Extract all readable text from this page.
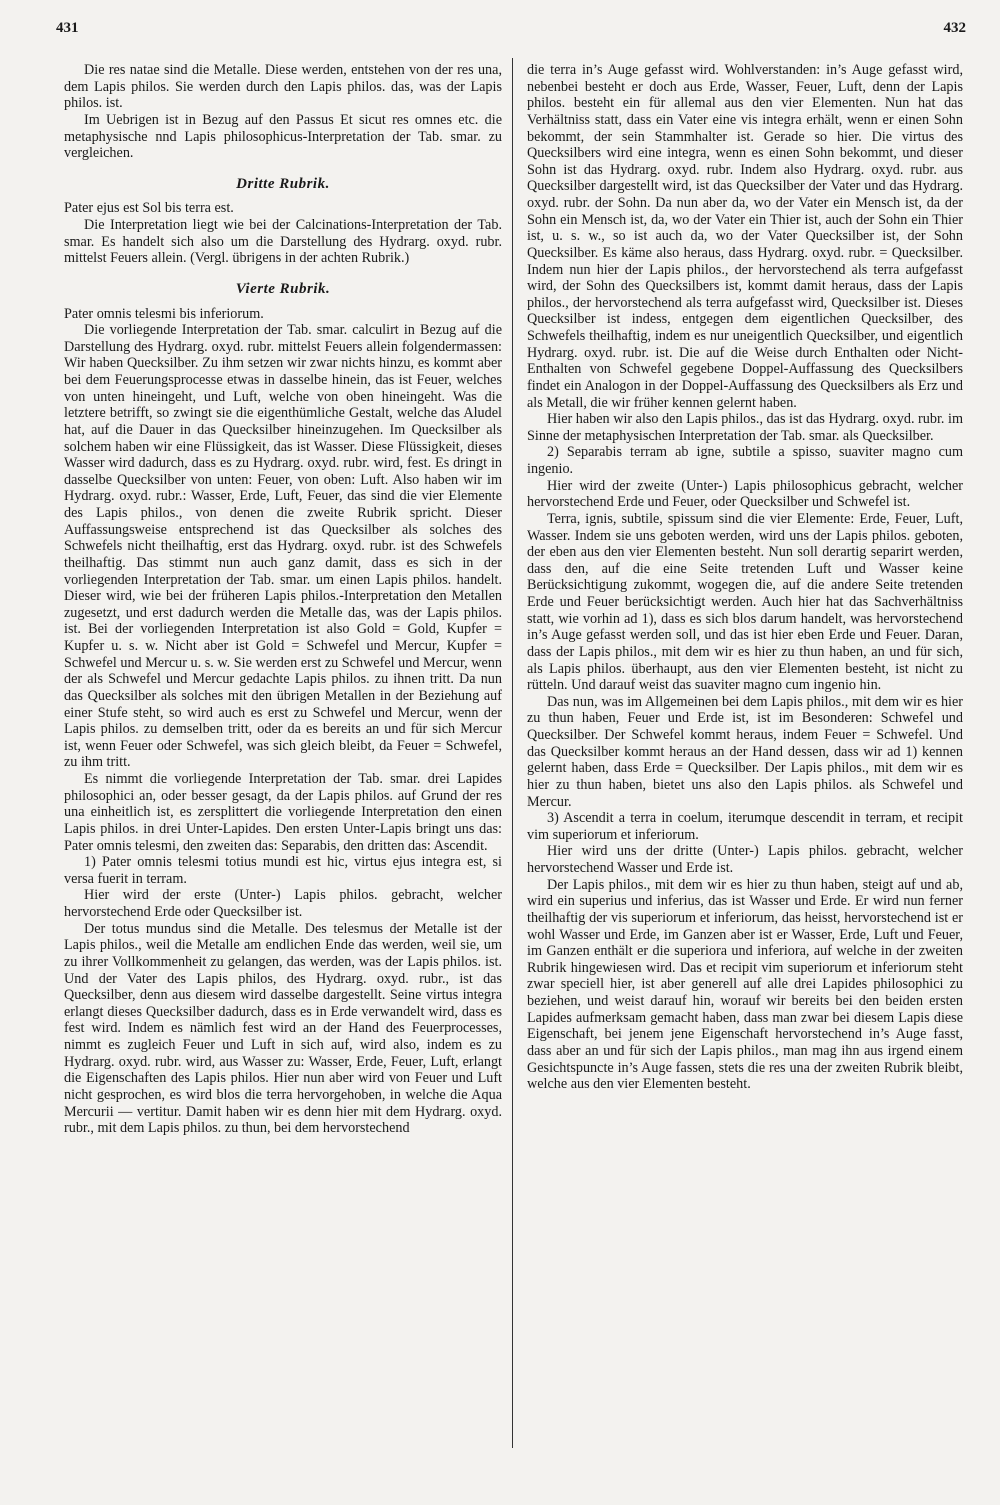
431	432

Die res natae sind die Metalle. Diese werden, entstehen von der res una, dem Lapis philos. Sie werden durch den Lapis philos. das, was der Lapis philos. ist.

Im Uebrigen ist in Bezug auf den Passus Et sicut res omnes etc. die metaphysische nnd Lapis philosophicus-Interpretation der Tab. smar. zu vergleichen.

Dritte Rubrik.

Pater ejus est Sol bis terra est.

Die Interpretation liegt wie bei der Calcinations-Interpretation der Tab. smar. Es handelt sich also um die Darstellung des Hydrarg. oxyd. rubr. mittelst Feuers allein. (Vergl. übrigens in der achten Rubrik.)

Vierte Rubrik.

Pater omnis telesmi bis inferiorum.

Die vorliegende Interpretation der Tab. smar. calculirt in Bezug auf die Darstellung des Hydrarg. oxyd. rubr. mittelst Feuers allein folgendermassen: Wir haben Quecksilber. Zu ihm setzen wir zwar nichts hinzu, es kommt aber bei dem Feuerungsprocesse etwas in dasselbe hinein, das ist Feuer, welches von unten hineingeht, und Luft, welche von oben hineingeht. Was die letztere betrifft, so zwingt sie die eigenthümliche Gestalt, welche das Aludel hat, auf die Dauer in das Quecksilber hineinzugehen. Im Quecksilber als solchem haben wir eine Flüssigkeit, das ist Wasser. Diese Flüssigkeit, dieses Wasser wird dadurch, dass es zu Hydrarg. oxyd. rubr. wird, fest. Es dringt in dasselbe Quecksilber von unten: Feuer, von oben: Luft. Also haben wir im Hydrarg. oxyd. rubr.: Wasser, Erde, Luft, Feuer, das sind die vier Elemente des Lapis philos., von denen die zweite Rubrik spricht. Dieser Auffassungsweise entsprechend ist das Quecksilber als solches des Schwefels nicht theilhaftig, erst das Hydrarg. oxyd. rubr. ist des Schwefels theilhaftig. Das stimmt nun auch ganz damit, dass es sich in der vorliegenden Interpretation der Tab. smar. um einen Lapis philos. handelt. Dieser wird, wie bei der früheren Lapis philos.-Interpretation den Metallen zugesetzt, und erst dadurch werden die Metalle das, was der Lapis philos. ist. Bei der vorliegenden Interpretation ist also Gold = Gold, Kupfer = Kupfer u. s. w. Nicht aber ist Gold = Schwefel und Mercur, Kupfer = Schwefel und Mercur u. s. w. Sie werden erst zu Schwefel und Mercur, wenn der als Schwefel und Mercur gedachte Lapis philos. zu ihnen tritt. Da nun das Quecksilber als solches mit den übrigen Metallen in der Beziehung auf einer Stufe steht, so wird auch es erst zu Schwefel und Mercur, wenn der Lapis philos. zu demselben tritt, oder da es bereits an und für sich Mercur ist, wenn Feuer oder Schwefel, was sich gleich bleibt, da Feuer = Schwefel, zu ihm tritt.

Es nimmt die vorliegende Interpretation der Tab. smar. drei Lapides philosophici an, oder besser gesagt, da der Lapis philos. auf Grund der res una einheitlich ist, es zersplittert die vorliegende Interpretation den einen Lapis philos. in drei Unter-Lapides. Den ersten Unter-Lapis bringt uns das: Pater omnis telesmi, den zweiten das: Separabis, den dritten das: Ascendit.

1) Pater omnis telesmi totius mundi est hic, virtus ejus integra est, si versa fuerit in terram.

Hier wird der erste (Unter-) Lapis philos. gebracht, welcher hervorstechend Erde oder Quecksilber ist.

Der totus mundus sind die Metalle. Des telesmus der Metalle ist der Lapis philos., weil die Metalle am endlichen Ende das werden, weil sie, um zu ihrer Vollkommenheit zu gelangen, das werden, was der Lapis philos. ist. Und der Vater des Lapis philos, des Hydrarg. oxyd. rubr., ist das Quecksilber, denn aus diesem wird dasselbe dargestellt. Seine virtus integra erlangt dieses Quecksilber dadurch, dass es in Erde verwandelt wird, dass es fest wird. Indem es nämlich fest wird an der Hand des Feuerprocesses, nimmt es zugleich Feuer und Luft in sich auf, wird also, indem es zu Hydrarg. oxyd. rubr. wird, aus Wasser zu: Wasser, Erde, Feuer, Luft, erlangt die Eigenschaften des Lapis philos. Hier nun aber wird von Feuer und Luft nicht gesprochen, es wird blos die terra hervorgehoben, in welche die Aqua Mercurii — vertitur. Damit haben wir es denn hier mit dem Hydrarg. oxyd. rubr., mit dem Lapis philos. zu thun, bei dem hervorstechend

die terra in’s Auge gefasst wird. Wohlverstanden: in’s Auge gefasst wird, nebenbei besteht er doch aus Erde, Wasser, Feuer, Luft, denn der Lapis philos. besteht ein für allemal aus den vier Elementen. Nun hat das Verhältniss statt, dass ein Vater eine vis integra erhält, wenn er einen Sohn bekommt, der sein Stammhalter ist. Gerade so hier. Die virtus des Quecksilbers wird eine integra, wenn es einen Sohn bekommt, und dieser Sohn ist das Hydrarg. oxyd. rubr. Indem also Hydrarg. oxyd. rubr. aus Quecksilber dargestellt wird, ist das Quecksilber der Vater und das Hydrarg. oxyd. rubr. der Sohn. Da nun aber da, wo der Vater ein Mensch ist, da der Sohn ein Mensch ist, da, wo der Vater ein Thier ist, auch der Sohn ein Thier ist, u. s. w., so ist auch da, wo der Vater Quecksilber ist, der Sohn Quecksilber. Es käme also heraus, dass Hydrarg. oxyd. rubr. = Quecksilber. Indem nun hier der Lapis philos., der hervorstechend als terra aufgefasst wird, der Sohn des Quecksilbers ist, kommt damit heraus, dass der Lapis philos., der hervorstechend als terra aufgefasst wird, Quecksilber ist. Dieses Quecksilber ist indess, entgegen dem eigentlichen Quecksilber, des Schwefels theilhaftig, indem es nur uneigentlich Quecksilber, und eigentlich Hydrarg. oxyd. rubr. ist. Die auf die Weise durch Enthalten oder Nicht-Enthalten von Schwefel gegebene Doppel-Auffassung des Quecksilbers findet ein Analogon in der Doppel-Auffassung des Quecksilbers als Erz und als Metall, die wir früher kennen gelernt haben.

Hier haben wir also den Lapis philos., das ist das Hydrarg. oxyd. rubr. im Sinne der metaphysischen Interpretation der Tab. smar. als Quecksilber.

2) Separabis terram ab igne, subtile a spisso, suaviter magno cum ingenio.

Hier wird der zweite (Unter-) Lapis philosophicus gebracht, welcher hervorstechend Erde und Feuer, oder Quecksilber und Schwefel ist.

Terra, ignis, subtile, spissum sind die vier Elemente: Erde, Feuer, Luft, Wasser. Indem sie uns geboten werden, wird uns der Lapis philos. geboten, der eben aus den vier Elementen besteht. Nun soll derartig separirt werden, dass den, auf die eine Seite tretenden Luft und Wasser keine Berücksichtigung zukommt, wogegen die, auf die andere Seite tretenden Erde und Feuer berücksichtigt werden. Auch hier hat das Sachverhältniss statt, wie vorhin ad 1), dass es sich blos darum handelt, was hervorstechend in’s Auge gefasst werden soll, und das ist hier eben Erde und Feuer. Daran, dass der Lapis philos., mit dem wir es hier zu thun haben, an und für sich, als Lapis philos. überhaupt, aus den vier Elementen besteht, ist nicht zu rütteln. Und darauf weist das suaviter magno cum ingenio hin.

Das nun, was im Allgemeinen bei dem Lapis philos., mit dem wir es hier zu thun haben, Feuer und Erde ist, ist im Besonderen: Schwefel und Quecksilber. Der Schwefel kommt heraus, indem Feuer = Schwefel. Und das Quecksilber kommt heraus an der Hand dessen, dass wir ad 1) kennen gelernt haben, dass Erde = Quecksilber. Der Lapis philos., mit dem wir es hier zu thun haben, bietet uns also den Lapis philos. als Schwefel und Mercur.

3) Ascendit a terra in coelum, iterumque descendit in terram, et recipit vim superiorum et inferiorum.

Hier wird uns der dritte (Unter-) Lapis philos. gebracht, welcher hervorstechend Wasser und Erde ist.

Der Lapis philos., mit dem wir es hier zu thun haben, steigt auf und ab, wird ein superius und inferius, das ist Wasser und Erde. Er wird nun ferner theilhaftig der vis superiorum et inferiorum, das heisst, hervorstechend ist er wohl Wasser und Erde, im Ganzen aber ist er Wasser, Erde, Luft und Feuer, im Ganzen enthält er die superiora und inferiora, auf welche in der zweiten Rubrik hingewiesen wird. Das et recipit vim superiorum et inferiorum steht zwar speciell hier, ist aber generell auf alle drei Lapides philosophici zu beziehen, und weist darauf hin, worauf wir bereits bei den beiden ersten Lapides aufmerksam gemacht haben, dass man zwar bei diesem Lapis diese Eigenschaft, bei jenem jene Eigenschaft hervorstechend in’s Auge fasst, dass aber an und für sich der Lapis philos., man mag ihn aus irgend einem Gesichtspuncte in’s Auge fassen, stets die res una der zweiten Rubrik bleibt, welche aus den vier Elementen besteht.
